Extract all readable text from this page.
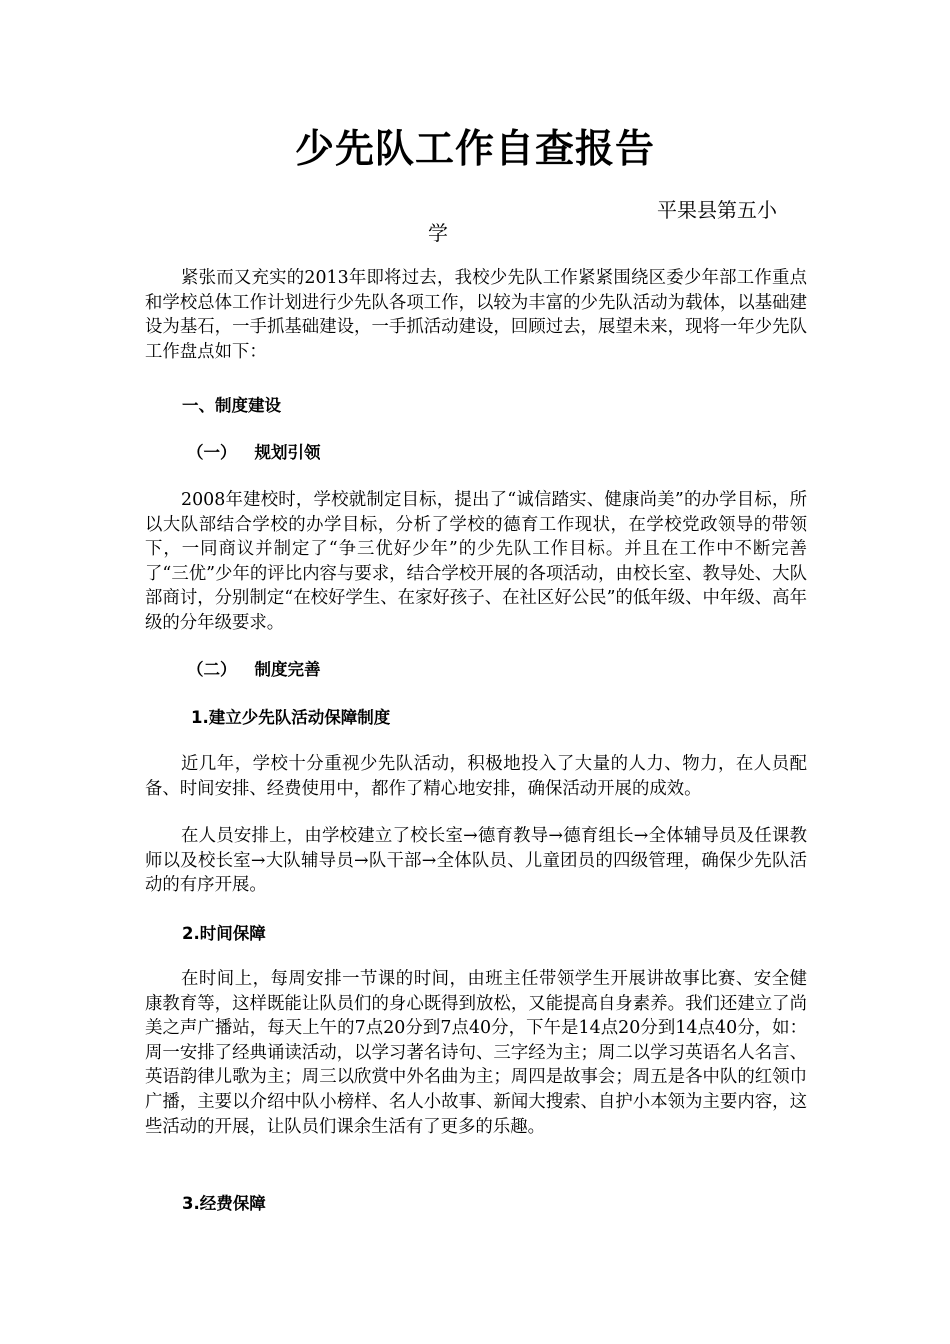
少先队工作自查报告
平果县第五小
学

紧张而又充实的2013年即将过去，我校少先队工作紧紧围绕区委少年部工作重点和学校总体工作计划进行少先队各项工作，以较为丰富的少先队活动为载体，以基础建设为基石，一手抓基础建设，一手抓活动建设，回顾过去，展望未来，现将一年少先队工作盘点如下：

一、制度建设
（一） 规划引领

2008年建校时，学校就制定目标，提出了“诚信踏实、健康尚美”的办学目标，所以大队部结合学校的办学目标，分析了学校的德育工作现状，在学校党政领导的带领下，一同商议并制定了“争三优好少年”的少先队工作目标。并且在工作中不断完善了“三优”少年的评比内容与要求，结合学校开展的各项活动，由校长室、教导处、大队部商讨，分别制定“在校好学生、在家好孩子、在社区好公民”的低年级、中年级、高年级的分年级要求。

（二） 制度完善
1.建立少先队活动保障制度

近几年，学校十分重视少先队活动，积极地投入了大量的人力、物力，在人员配备、时间安排、经费使用中，都作了精心地安排，确保活动开展的成效。

在人员安排上，由学校建立了校长室→德育教导→德育组长→全体辅导员及任课教师以及校长室→大队辅导员→队干部→全体队员、儿童团员的四级管理，确保少先队活动的有序开展。

2.时间保障

在时间上，每周安排一节课的时间，由班主任带领学生开展讲故事比赛、安全健康教育等，这样既能让队员们的身心既得到放松，又能提高自身素养。我们还建立了尚美之声广播站，每天上午的7点20分到7点40分，下午是14点20分到14点40分，如：周一安排了经典诵读活动，以学习著名诗句、三字经为主；周二以学习英语名人名言、英语韵律儿歌为主；周三以欣赏中外名曲为主；周四是故事会；周五是各中队的红领巾广播，主要以介绍中队小榜样、名人小故事、新闻大搜索、自护小本领为主要内容，这些活动的开展，让队员们课余生活有了更多的乐趣。

3.经费保障
